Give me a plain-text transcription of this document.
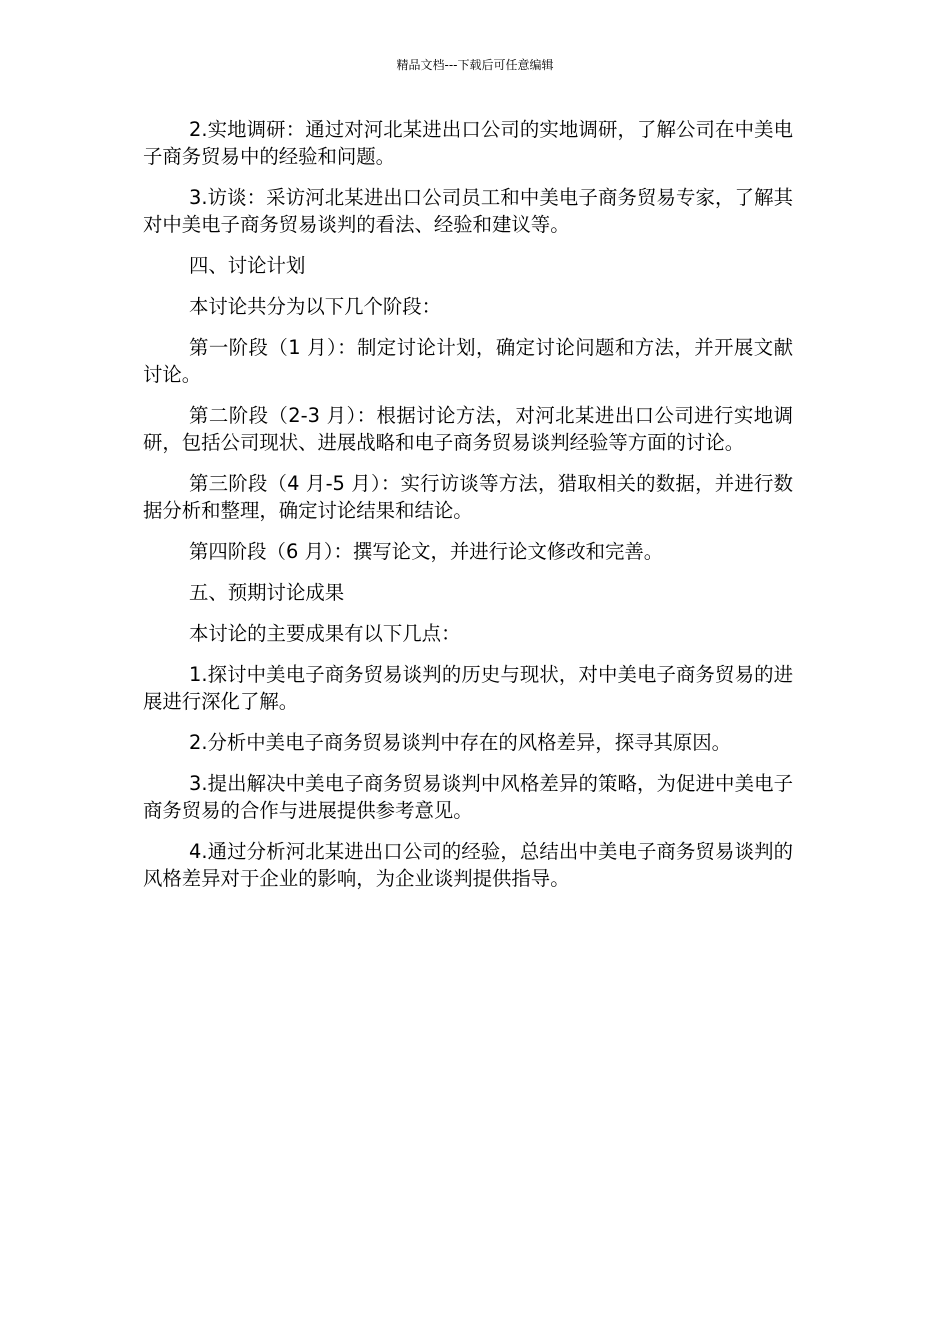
精品文档---下载后可任意编辑

2.实地调研：通过对河北某进出口公司的实地调研，了解公司在中美电子商务贸易中的经验和问题。

3.访谈：采访河北某进出口公司员工和中美电子商务贸易专家，了解其对中美电子商务贸易谈判的看法、经验和建议等。

四、讨论计划

本讨论共分为以下几个阶段：

第一阶段（1 月）：制定讨论计划，确定讨论问题和方法，并开展文献讨论。

第二阶段（2-3 月）：根据讨论方法，对河北某进出口公司进行实地调研，包括公司现状、进展战略和电子商务贸易谈判经验等方面的讨论。

第三阶段（4 月-5 月）：实行访谈等方法，猎取相关的数据，并进行数据分析和整理，确定讨论结果和结论。

第四阶段（6 月）：撰写论文，并进行论文修改和完善。

五、预期讨论成果

本讨论的主要成果有以下几点：

1.探讨中美电子商务贸易谈判的历史与现状，对中美电子商务贸易的进展进行深化了解。

2.分析中美电子商务贸易谈判中存在的风格差异，探寻其原因。

3.提出解决中美电子商务贸易谈判中风格差异的策略，为促进中美电子商务贸易的合作与进展提供参考意见。

4.通过分析河北某进出口公司的经验，总结出中美电子商务贸易谈判的风格差异对于企业的影响，为企业谈判提供指导。
